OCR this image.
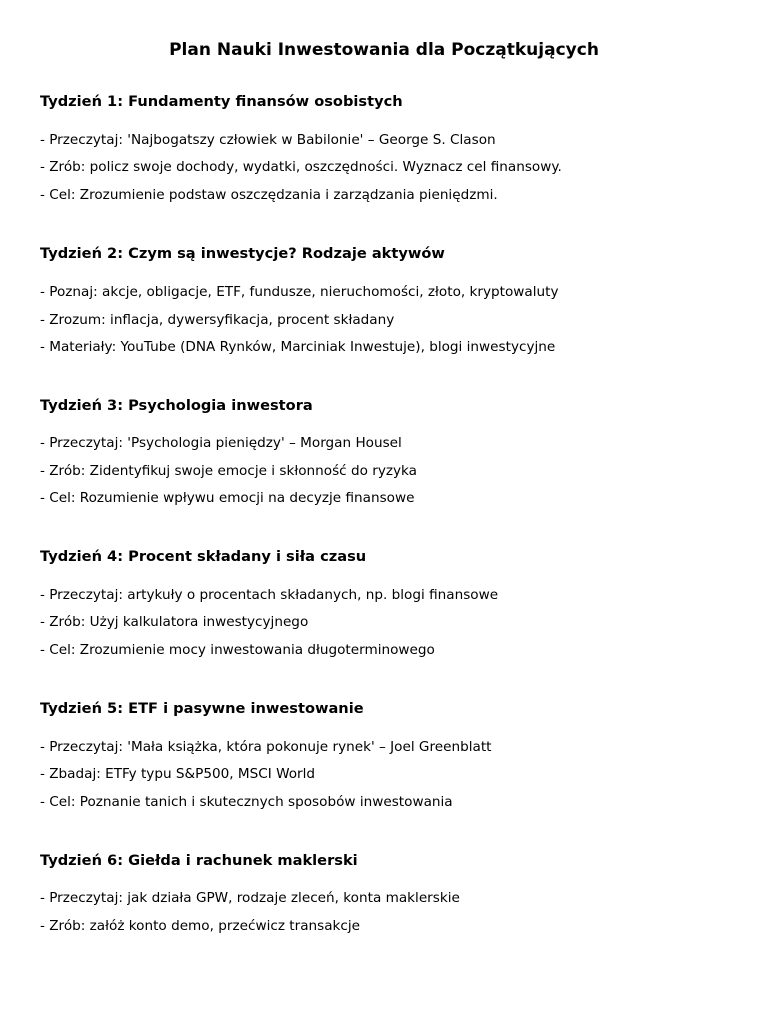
Plan Nauki Inwestowania dla Początkujących
Tydzień 1: Fundamenty finansów osobistych
- Przeczytaj: 'Najbogatszy człowiek w Babilonie' – George S. Clason
- Zrób: policz swoje dochody, wydatki, oszczędności. Wyznacz cel finansowy.
- Cel: Zrozumienie podstaw oszczędzania i zarządzania pieniędzmi.
Tydzień 2: Czym są inwestycje? Rodzaje aktywów
- Poznaj: akcje, obligacje, ETF, fundusze, nieruchomości, złoto, kryptowaluty
- Zrozum: inflacja, dywersyfikacja, procent składany
- Materiały: YouTube (DNA Rynków, Marciniak Inwestuje), blogi inwestycyjne
Tydzień 3: Psychologia inwestora
- Przeczytaj: 'Psychologia pieniędzy' – Morgan Housel
- Zrób: Zidentyfikuj swoje emocje i skłonność do ryzyka
- Cel: Rozumienie wpływu emocji na decyzje finansowe
Tydzień 4: Procent składany i siła czasu
- Przeczytaj: artykuły o procentach składanych, np. blogi finansowe
- Zrób: Użyj kalkulatora inwestycyjnego
- Cel: Zrozumienie mocy inwestowania długoterminowego
Tydzień 5: ETF i pasywne inwestowanie
- Przeczytaj: 'Mała książka, która pokonuje rynek' – Joel Greenblatt
- Zbadaj: ETFy typu S&P500, MSCI World
- Cel: Poznanie tanich i skutecznych sposobów inwestowania
Tydzień 6: Giełda i rachunek maklerski
- Przeczytaj: jak działa GPW, rodzaje zleceń, konta maklerskie
- Zrób: załóż konto demo, przećwicz transakcje
